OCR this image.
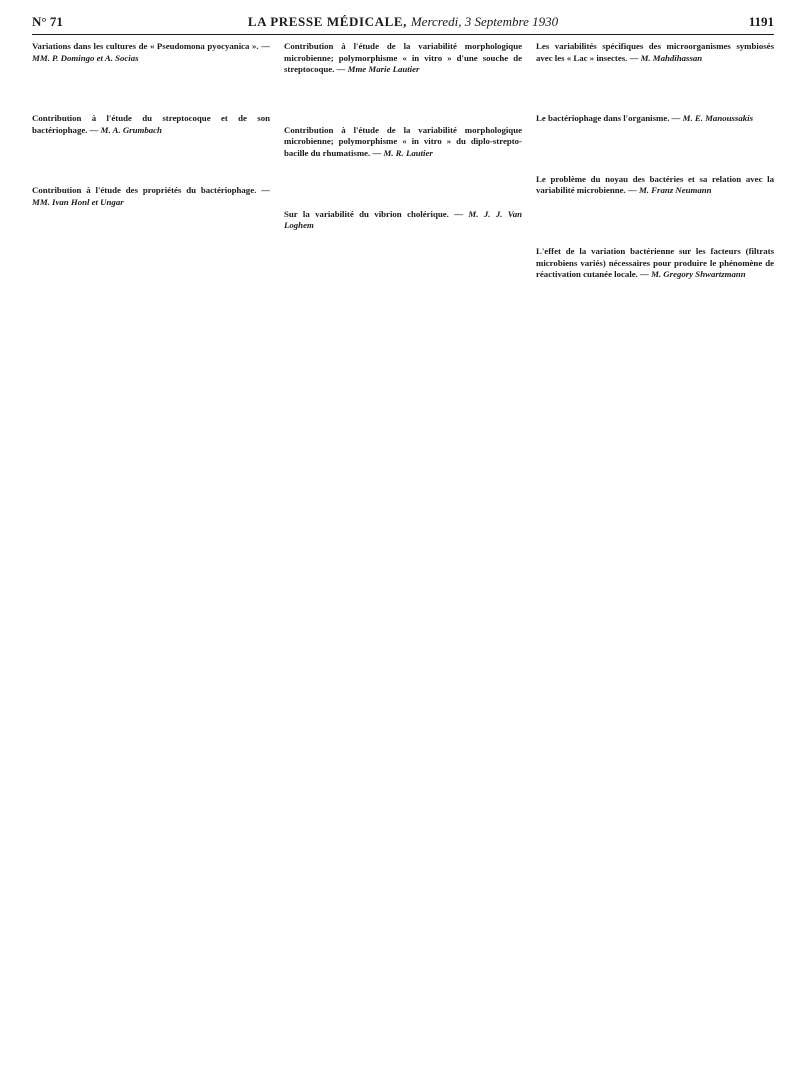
N° 71	LA PRESSE MÉDICALE, Mercredi, 3 Septembre 1930	1191

Variations dans les cultures de « Pseudomona pyocyanica ». — MM. P. Domingo et A. Socias

Contribution à l'étude du streptocoque et de son bactériophage. — M. A. Grumbach

Contribution à l'étude des propriétés du bactériophage. — MM. Ivan Honl et Ungar

Contribution à l'étude de la variabilité morphologique microbienne; polymorphisme « in vitro » d'une souche de streptocoque. — Mme Marie Lautier

Contribution à l'étude de la variabilité morphologique microbienne; polymorphisme « in vitro » du diplo-strepto-bacille du rhumatisme. — M. R. Lautier

Sur la variabilité du vibrion cholérique. — M. J. J. Van Loghem

Les variabilités spécifiques des microorganismes symbiosés avec les « Lac » insectes. — M. Mahdihassan

Le bactériophage dans l'organisme. — M. E. Manoussakis

Le problème du noyau des bactéries et sa relation avec la variabilité microbienne. — M. Franz Neumann

L'effet de la variation bactérienne sur les facteurs (filtrats microbiens variés) nécessaires pour produire le phénomène de réactivation cutanée locale. — M. Gregory Shwartzmann
